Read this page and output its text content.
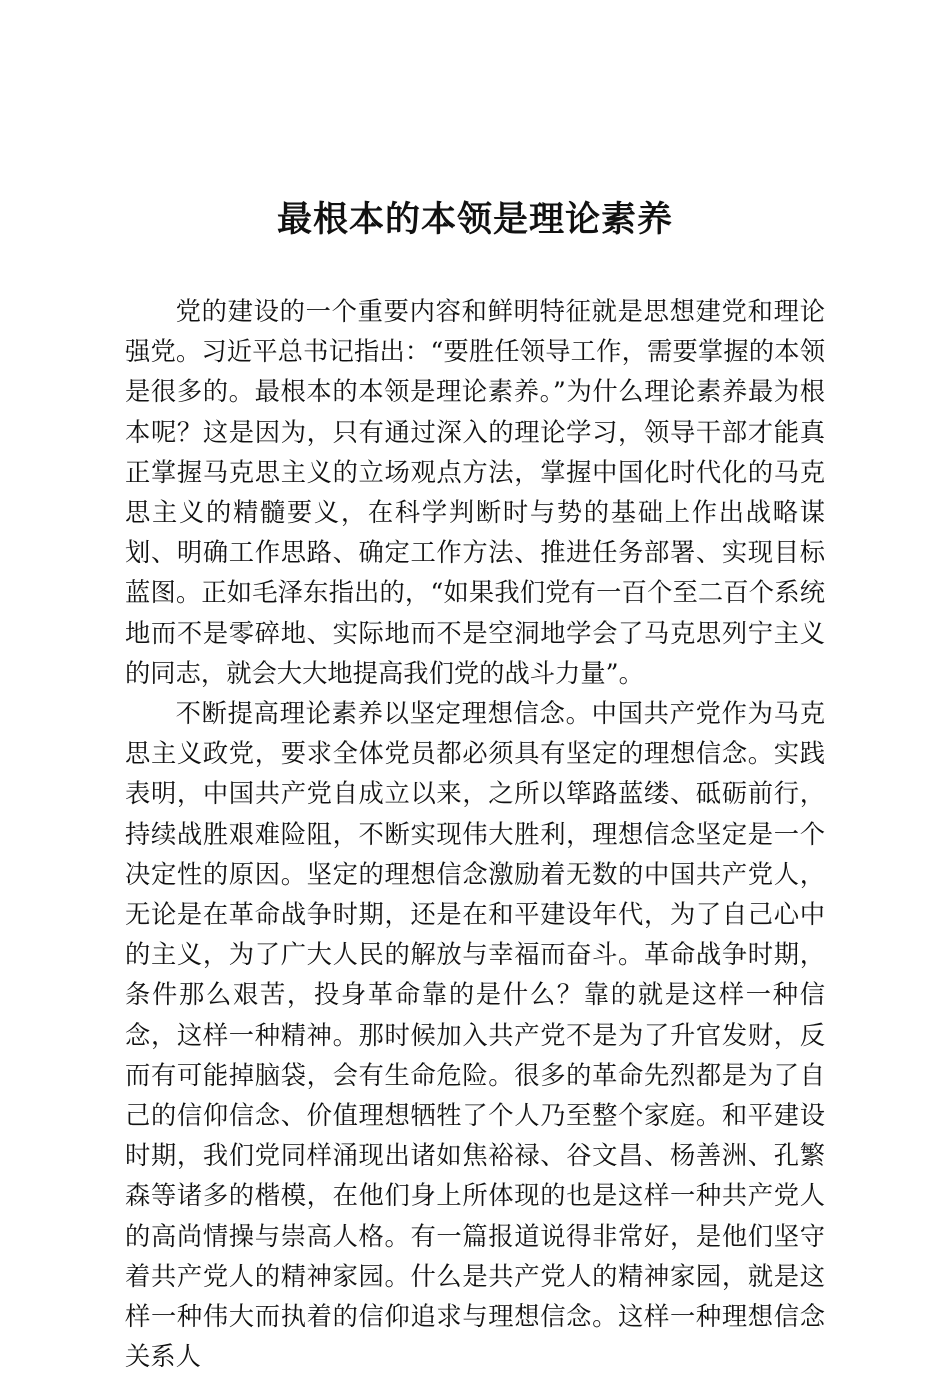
最根本的本领是理论素养

党的建设的一个重要内容和鲜明特征就是思想建党和理论强党。习近平总书记指出：“要胜任领导工作，需要掌握的本领是很多的。最根本的本领是理论素养。”为什么理论素养最为根本呢？这是因为，只有通过深入的理论学习，领导干部才能真正掌握马克思主义的立场观点方法，掌握中国化时代化的马克思主义的精髓要义，在科学判断时与势的基础上作出战略谋划、明确工作思路、确定工作方法、推进任务部署、实现目标蓝图。正如毛泽东指出的，“如果我们党有一百个至二百个系统地而不是零碎地、实际地而不是空洞地学会了马克思列宁主义的同志，就会大大地提高我们党的战斗力量”。

不断提高理论素养以坚定理想信念。中国共产党作为马克思主义政党，要求全体党员都必须具有坚定的理想信念。实践表明，中国共产党自成立以来，之所以筚路蓝缕、砥砺前行，持续战胜艰难险阻，不断实现伟大胜利，理想信念坚定是一个决定性的原因。坚定的理想信念激励着无数的中国共产党人，无论是在革命战争时期，还是在和平建设年代，为了自己心中的主义，为了广大人民的解放与幸福而奋斗。革命战争时期，条件那么艰苦，投身革命靠的是什么？靠的就是这样一种信念，这样一种精神。那时候加入共产党不是为了升官发财，反而有可能掉脑袋，会有生命危险。很多的革命先烈都是为了自己的信仰信念、价值理想牺牲了个人乃至整个家庭。和平建设时期，我们党同样涌现出诸如焦裕禄、谷文昌、杨善洲、孔繁森等诸多的楷模，在他们身上所体现的也是这样一种共产党人的高尚情操与崇高人格。有一篇报道说得非常好，是他们坚守着共产党人的精神家园。什么是共产党人的精神家园，就是这样一种伟大而执着的信仰追求与理想信念。这样一种理想信念关系人
